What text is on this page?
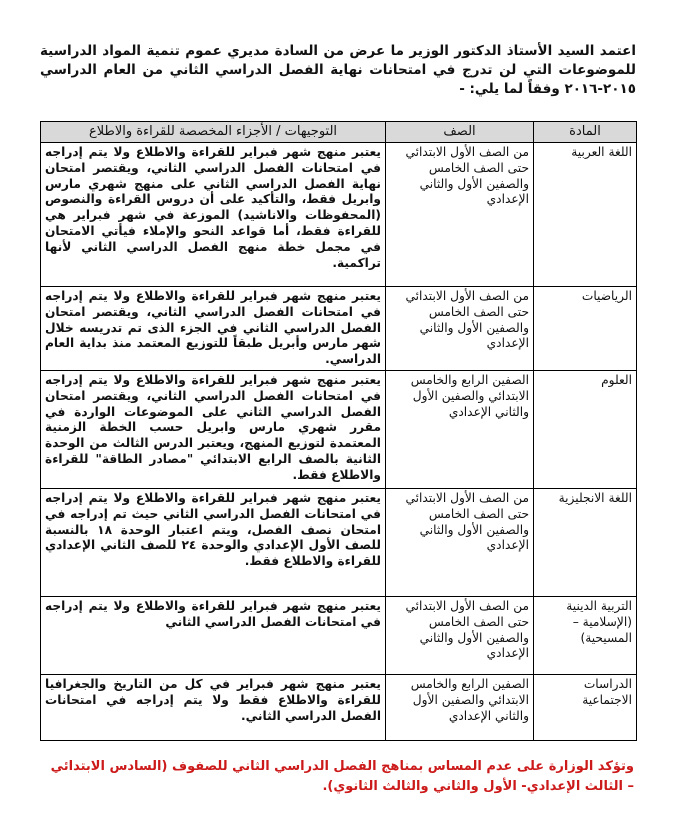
اعتمد السيد الأستاذ الدكتور الوزير ما عرض من السادة مديري عموم تنمية المواد الدراسية للموضوعات التي لن تدرج في امتحانات نهاية الفصل الدراسي الثاني من العام الدراسي ٢٠١٥-٢٠١٦ وفقاً لما يلي: -
المادة	الصف	التوجيهات / الأجزاء المخصصة للقراءة والاطلاع
اللغة العربية	من الصف الأول الابتدائي حتى الصف الخامس والصفين الأول والثاني الإعدادي	يعتبر منهج شهر فبراير للقراءة والاطلاع ولا يتم إدراجه في امتحانات الفصل الدراسي الثاني، ويقتصر امتحان نهاية الفصل الدراسي الثاني على منهج شهري مارس وابريل فقط، والتأكيد على أن دروس القراءة والنصوص (المحفوظات والاناشيد) الموزعة في شهر فبراير هي للقراءة فقط، أما قواعد النحو والإملاء فيأتي الامتحان في مجمل خطة منهج الفصل الدراسي الثاني لأنها تراكمية.
الرياضيات	من الصف الأول الابتدائي حتى الصف الخامس والصفين الأول والثاني الإعدادي	يعتبر منهج شهر فبراير للقراءة والاطلاع ولا يتم إدراجه في امتحانات الفصل الدراسي الثاني، ويقتصر امتحان الفصل الدراسي الثاني في الجزء الذى تم تدريسه خلال شهر مارس وأبريل طبقاً للتوزيع المعتمد منذ بداية العام الدراسي.
العلوم	الصفين الرابع والخامس الابتدائي والصفين الأول والثاني الإعدادي	يعتبر منهج شهر فبراير للقراءة والاطلاع ولا يتم إدراجه في امتحانات الفصل الدراسي الثاني، ويقتصر امتحان الفصل الدراسي الثاني على الموضوعات الواردة في مقرر شهري مارس وابريل حسب الخطة الزمنية المعتمدة لتوزيع المنهج، ويعتبر الدرس الثالث من الوحدة الثانية بالصف الرابع الابتدائي "مصادر الطاقة" للقراءة والاطلاع فقط.
اللغة الانجليزية	من الصف الأول الابتدائي حتى الصف الخامس والصفين الأول والثاني الإعدادي	يعتبر منهج شهر فبراير للقراءة والاطلاع ولا يتم إدراجه في امتحانات الفصل الدراسي الثاني حيث تم إدراجه في امتحان نصف الفصل، ويتم اعتبار الوحدة ١٨ بالنسبة للصف الأول الإعدادي والوحدة ٢٤ للصف الثاني الإعدادي للقراءة والاطلاع فقط.
التربية الدينية (الإسلامية – المسيحية)	من الصف الأول الابتدائي حتى الصف الخامس والصفين الأول والثاني الإعدادي	يعتبر منهج شهر فبراير للقراءة والاطلاع ولا يتم إدراجه في امتحانات الفصل الدراسي الثاني
الدراسات الاجتماعية	الصفين الرابع والخامس الابتدائي والصفين الأول والثاني الإعدادي	يعتبر منهج شهر فبراير في كل من التاريخ والجغرافيا للقراءة والاطلاع فقط ولا يتم إدراجه في امتحانات الفصل الدراسي الثاني.
وتؤكد الوزارة على عدم المساس بمناهج الفصل الدراسي الثاني للصفوف (السادس الابتدائي – الثالث الإعدادي- الأول والثاني والثالث الثانوي).
